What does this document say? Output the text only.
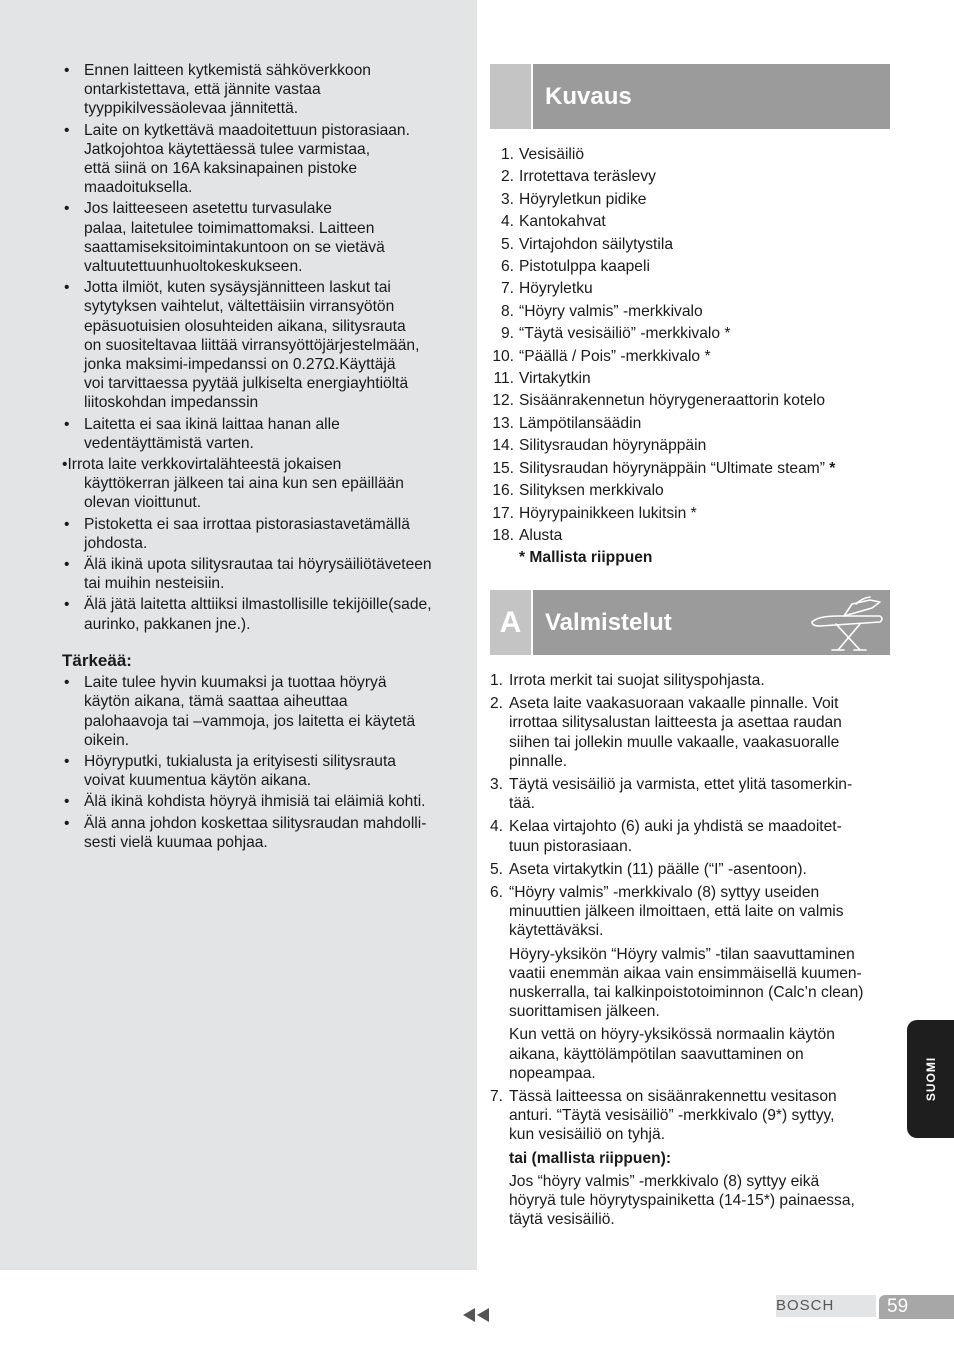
• Ennen laitteen kytkemistä sähköverkkoon
ontarkistettava, että jännite vastaa
tyyppikilvessäolevaa jännitettä.
• Laite on kytkettävä maadoitettuun pistorasiaan.
Jatkojohtoa käytettäessä tulee varmistaa,
että siinä on 16A kaksinapainen pistoke
maadoituksella.
• Jos laitteeseen asetettu turvasulake
palaa, laitetulee toimimattomaksi. Laitteen
saattamiseksitoimintakuntoon on se vietävä
valtuutettuunhuoltokeskukseen.
• Jotta ilmiöt, kuten sysäysjännitteen laskut tai
sytytyksen vaihtelut, vältettäisiin virransyötön
epäsuotuisien olosuhteiden aikana, silitysrauta
on suositeltavaa liittää virransyöttöjärjestelmään,
jonka maksimi-impedanssi on 0.27Ω.Käyttäjä
voi tarvittaessa pyytää julkiselta energiayhtiöltä
liitoskohdan impedanssin
• Laitetta ei saa ikinä laittaa hanan alle
vedentäyttämistä varten.
•Irrota laite verkkovirtalähteestä jokaisen
käyttökerran jälkeen tai aina kun sen epäillään
olevan vioittunut.
• Pistoketta ei saa irrottaa pistorasiastavetämällä
johdosta.
• Älä ikinä upota silitysrautaa tai höyrysäiliötäveteen
tai muihin nesteisiin.
• Älä jätä laitetta alttiiksi ilmastollisille tekijöille(sade,
aurinko, pakkanen jne.).
Tärkeää:
• Laite tulee hyvin kuumaksi ja tuottaa höyryä
käytön aikana, tämä saattaa aiheuttaa
palohaavoja tai –vammoja, jos laitetta ei käytetä
oikein.
• Höyryputki, tukialusta ja erityisesti silitysrauta
voivat kuumentua käytön aikana.
• Älä ikinä kohdista höyryä ihmisiä tai eläimiä kohti.
• Älä anna johdon koskettaa silitysraudan mahdolli-
sesti vielä kuumaa pohjaa.
Kuvaus
1. Vesisäiliö
2. Irrotettava teräslevy
3. Höyryletkun pidike
4. Kantokahvat
5. Virtajohdon säilytystila
6. Pistotulppa kaapeli
7. Höyryletku
8. “Höyry valmis” -merkkivalo
9. “Täytä vesisäiliö” -merkkivalo *
10. “Päällä / Pois” -merkkivalo *
11. Virtakytkin
12. Sisäänrakennetun höyrygeneraattorin kotelo
13. Lämpötilansäädin
14. Silitysraudan höyrynäppäin
15. Silitysraudan höyrynäppäin “Ultimate steam” *
16. Silityksen merkkivalo
17. Höyrypainikkeen lukitsin *
18. Alusta
* Mallista riippuen
A Valmistelut
1. Irrota merkit tai suojat silityspohjasta.
2. Aseta laite vaakasuoraan vakaalle pinnalle. Voit
irrottaa silitysalustan laitteesta ja asettaa raudan
siihen tai jollekin muulle vakaalle, vaakasuoralle
pinnalle.
3. Täytä vesisäiliö ja varmista, ettet ylitä tasomerkin-
tää.
4. Kelaa virtajohto (6) auki ja yhdistä se maadoitet-
tuun pistorasiaan.
5. Aseta virtakytkin (11) päälle (“I” -asentoon).
6. “Höyry valmis” -merkkivalo (8) syttyy useiden
minuuttien jälkeen ilmoittaen, että laite on valmis
käytettäväksi.
Höyry-yksikön “Höyry valmis” -tilan saavuttaminen
vaatii enemmän aikaa vain ensimmäisellä kuumen-
nuskerralla, tai kalkinpoistotoiminnon (Calc’n clean)
suorittamisen jälkeen.
Kun vettä on höyry-yksikössä normaalin käytön
aikana, käyttölämpötilan saavuttaminen on
nopeampaa.
7. Tässä laitteessa on sisäänrakennettu vesitason
anturi. “Täytä vesisäiliö” -merkkivalo (9*) syttyy,
kun vesisäiliö on tyhjä.
tai (mallista riippuen):
Jos “höyry valmis” -merkkivalo (8) syttyy eikä
höyryä tule höyrytyspainiketta (14-15*) painaessa,
täytä vesisäiliö.
SUOMI
BOSCH	59
